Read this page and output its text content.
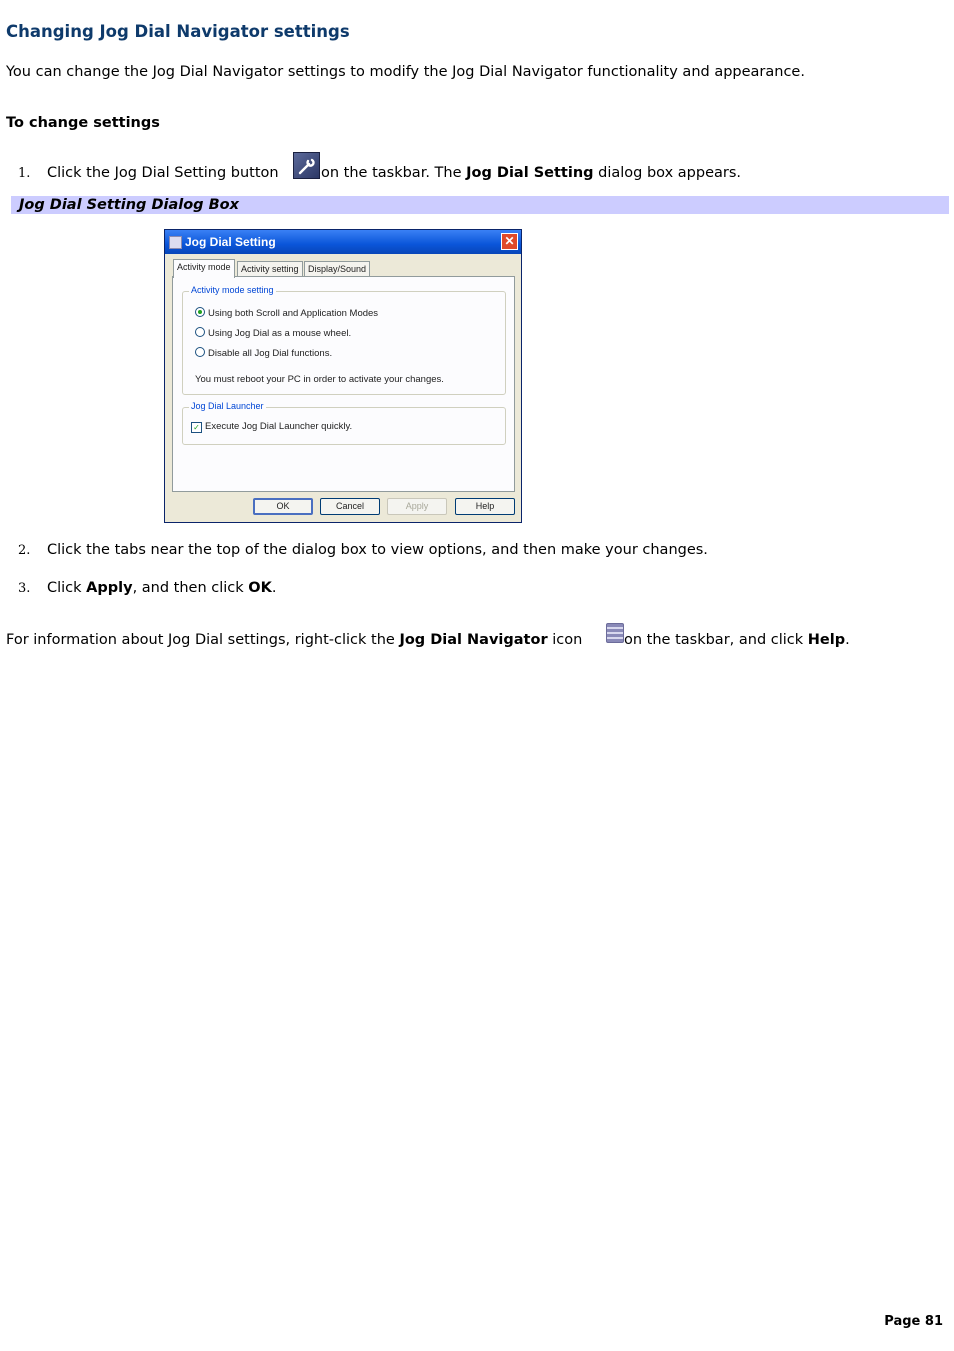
Changing Jog Dial Navigator settings
You can change the Jog Dial Navigator settings to modify the Jog Dial Navigator functionality and appearance.
To change settings
1. Click the Jog Dial Setting button	on the taskbar. The Jog Dial Setting dialog box appears.
Jog Dial Setting Dialog Box
Jog Dial Setting	✕
Activity mode	Activity setting	Display/Sound
Activity mode setting
Using both Scroll and Application Modes
Using Jog Dial as a mouse wheel.
Disable all Jog Dial functions.
You must reboot your PC in order to activate your changes.
Jog Dial Launcher
✓ Execute Jog Dial Launcher quickly.
OK	Cancel	Apply	Help
2. Click the tabs near the top of the dialog box to view options, and then make your changes.
3. Click Apply, and then click OK.
For information about Jog Dial settings, right-click the Jog Dial Navigator icon	on the taskbar, and click Help.
Page 81
